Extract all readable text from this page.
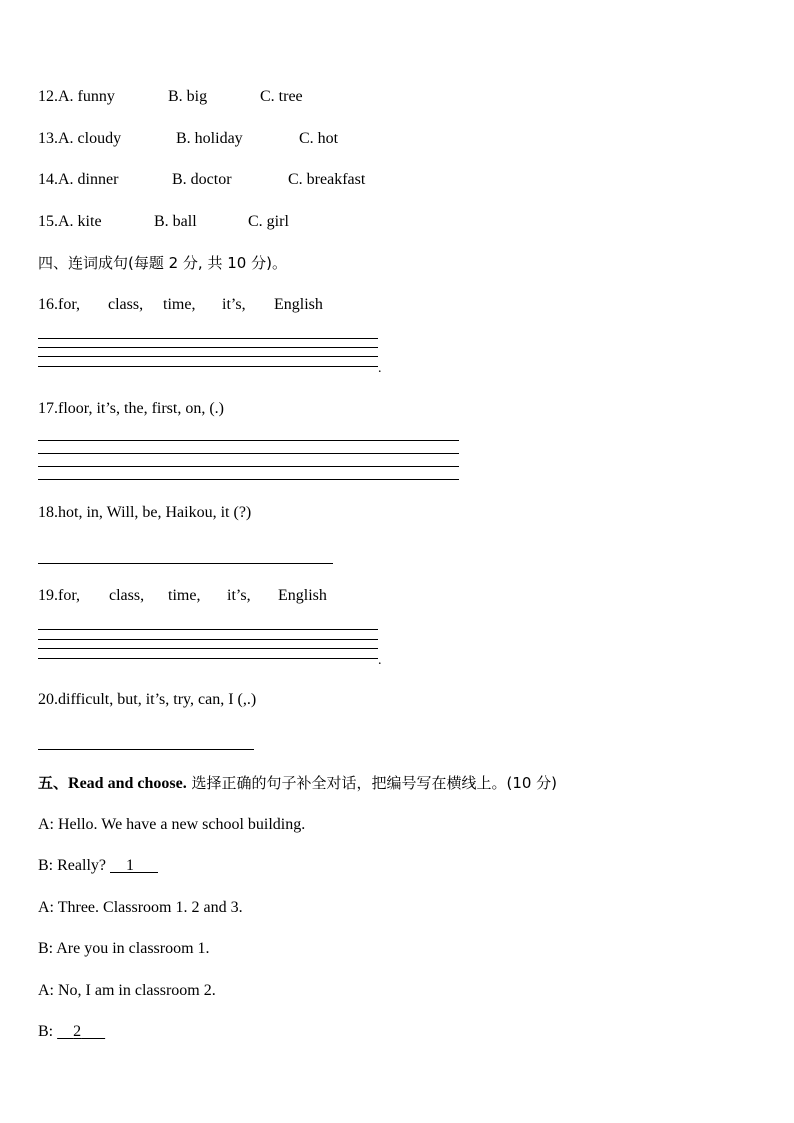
12.A. funny	B. big	C. tree
13.A. cloudy	B. holiday	C. hot
14.A. dinner	B. doctor	C. breakfast
15.A. kite	B. ball	C. girl
四、连词成句(每题 2 分, 共 10 分)。
16.for, class, time, it’s, English
.
17.floor, it’s, the, first, on, (.)
18.hot, in, Will, be, Haikou, it (?)
19.for, class, time, it’s, English
.
20.difficult, but, it’s, try, can, I (,.)
五、Read and choose. 选择正确的句子补全对话，把编号写在横线上。(10 分)
A: Hello. We have a new school building.
B: Really?     1
A: Three. Classroom 1. 2 and 3.
B: Are you in classroom 1.
A: No, I am in classroom 2.
B: 2
